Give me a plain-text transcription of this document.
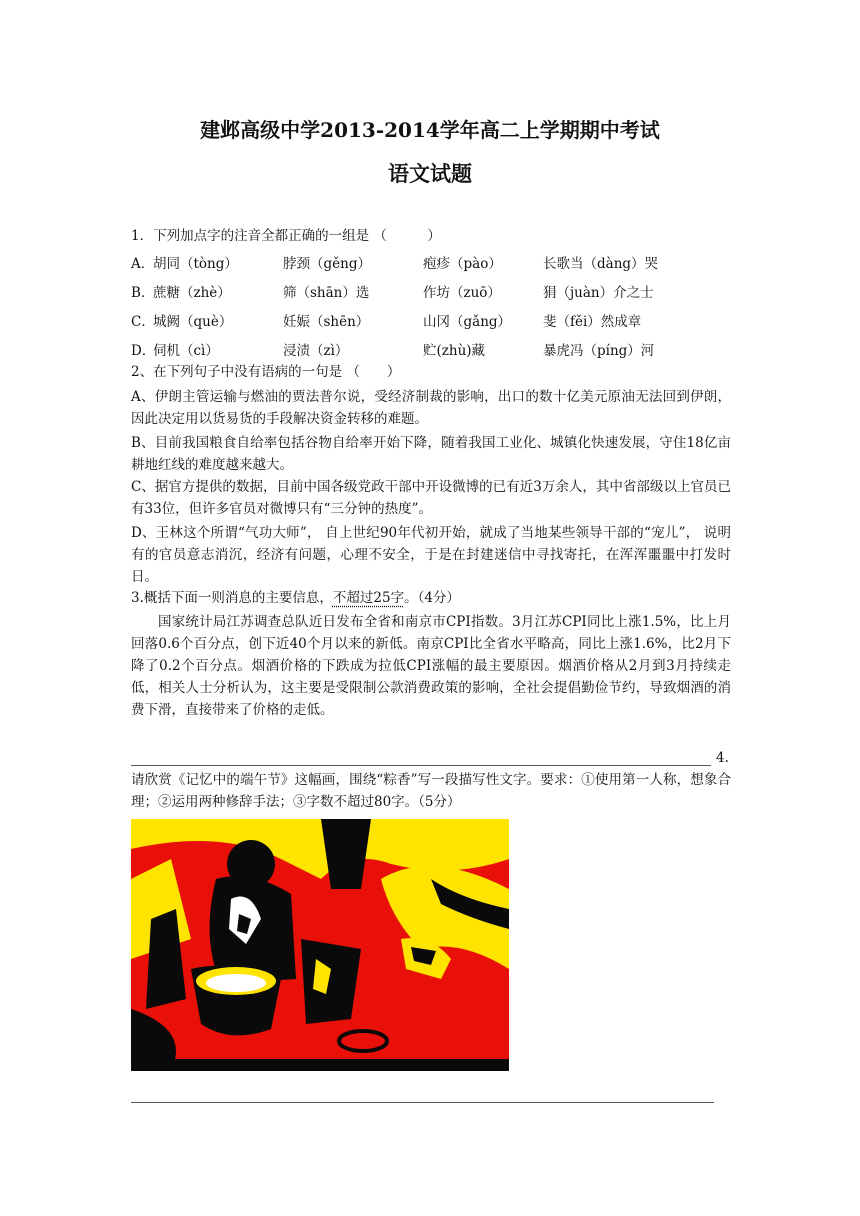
建邺高级中学2013-2014学年高二上学期期中考试
语文试题
1．下列加点字的注音全都正确的一组是 （　　　）
A．
胡同（tòng）	脖颈（gěng）	疱疹（pào）	长歌当（dàng）哭
B．
蔗糖（zhè）	筛（shān）选	作坊（zuō）	狷（juàn）介之士
C．
城阙（què）	妊娠（shēn）	山冈（gǎng） 斐（fěi）然成章
D．
伺机（cì）	浸渍（zì）	贮(zhù)藏	暴虎冯（píng）河
2、在下列句子中没有语病的一句是 （　　）
A、伊朗主管运输与燃油的贾法普尔说，受经济制裁的影响，出口的数十亿美元原油无法回到伊朗，因此决定用以货易货的手段解决资金转移的难题。
B、目前我国粮食自给率包括谷物自给率开始下降，随着我国工业化、城镇化快速发展，守住18亿亩耕地红线的难度越来越大。
C、据官方提供的数据，目前中国各级党政干部中开设微博的已有近3万余人，其中省部级以上官员已有33位，但许多官员对微博只有“三分钟的热度”。
D、王林这个所谓“气功大师”， 自上世纪90年代初开始，就成了当地某些领导干部的“宠儿”， 说明有的官员意志消沉，经济有问题，心理不安全，于是在封建迷信中寻找寄托，在浑浑噩噩中打发时日。
3.概括下面一则消息的主要信息，不超过25字。（4分）
国家统计局江苏调查总队近日发布全省和南京市CPI指数。3月江苏CPI同比上涨1.5%，比上月回落0.6个百分点，创下近40个月以来的新低。南京CPI比全省水平略高，同比上涨1.6%，比2月下降了0.2个百分点。烟酒价格的下跌成为拉低CPI涨幅的最主要原因。烟酒价格从2月到3月持续走低，相关人士分析认为，这主要是受限制公款消费政策的影响，全社会提倡勤俭节约，导致烟酒的消费下滑，直接带来了价格的走低。
4.
请欣赏《记忆中的端午节》这幅画，围绕“粽香”写一段描写性文字。要求：①使用第一人称，想象合理；②运用两种修辞手法；③字数不超过80字。（5分）
